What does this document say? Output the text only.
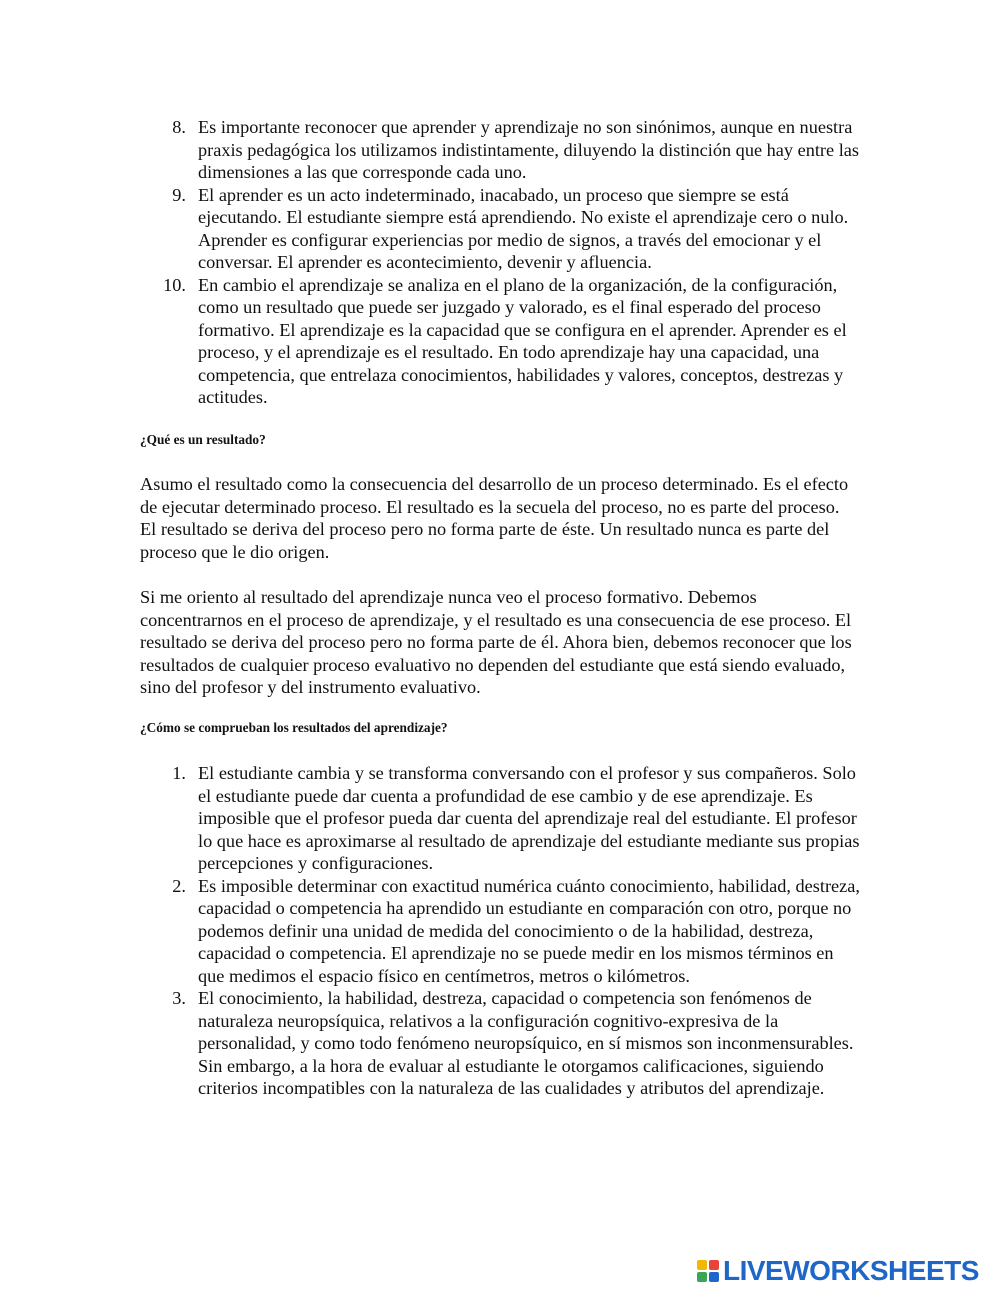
8. Es importante reconocer que aprender y aprendizaje no son sinónimos, aunque en nuestra praxis pedagógica los utilizamos indistintamente, diluyendo la distinción que hay entre las dimensiones a las que corresponde cada uno.
9. El aprender es un acto indeterminado, inacabado, un proceso que siempre se está ejecutando. El estudiante siempre está aprendiendo. No existe el aprendizaje cero o nulo. Aprender es configurar experiencias por medio de signos, a través del emocionar y el conversar. El aprender es acontecimiento, devenir y afluencia.
10. En cambio el aprendizaje se analiza en el plano de la organización, de la configuración, como un resultado que puede ser juzgado y valorado, es el final esperado del proceso formativo. El aprendizaje es la capacidad que se configura en el aprender. Aprender es el proceso, y el aprendizaje es el resultado. En todo aprendizaje hay una capacidad, una competencia, que entrelaza conocimientos, habilidades y valores, conceptos, destrezas y actitudes.
¿Qué es un resultado?

Asumo el resultado como la consecuencia del desarrollo de un proceso determinado. Es el efecto de ejecutar determinado proceso. El resultado es la secuela del proceso, no es parte del proceso. El resultado se deriva del proceso pero no forma parte de éste. Un resultado nunca es parte del proceso que le dio origen.

Si me oriento al resultado del aprendizaje nunca veo el proceso formativo. Debemos concentrarnos en el proceso de aprendizaje, y el resultado es una consecuencia de ese proceso. El resultado se deriva del proceso pero no forma parte de él. Ahora bien, debemos reconocer que los resultados de cualquier proceso evaluativo no dependen del estudiante que está siendo evaluado, sino del profesor y del instrumento evaluativo.

¿Cómo se comprueban los resultados del aprendizaje?
1. El estudiante cambia y se transforma conversando con el profesor y sus compañeros. Solo el estudiante puede dar cuenta a profundidad de ese cambio y de ese aprendizaje. Es imposible que el profesor pueda dar cuenta del aprendizaje real del estudiante. El profesor lo que hace es aproximarse al resultado de aprendizaje del estudiante mediante sus propias percepciones y configuraciones.
2. Es imposible determinar con exactitud numérica cuánto conocimiento, habilidad, destreza, capacidad o competencia ha aprendido un estudiante en comparación con otro, porque no podemos definir una unidad de medida del conocimiento o de la habilidad, destreza, capacidad o competencia. El aprendizaje no se puede medir en los mismos términos en que medimos el espacio físico en centímetros, metros o kilómetros.
3. El conocimiento, la habilidad, destreza, capacidad o competencia son fenómenos de naturaleza neuropsíquica, relativos a la configuración cognitivo-expresiva de la personalidad, y como todo fenómeno neuropsíquico, en sí mismos son inconmensurables. Sin embargo, a la hora de evaluar al estudiante le otorgamos calificaciones, siguiendo criterios incompatibles con la naturaleza de las cualidades y atributos del aprendizaje.
LIVEWORKSHEETS
